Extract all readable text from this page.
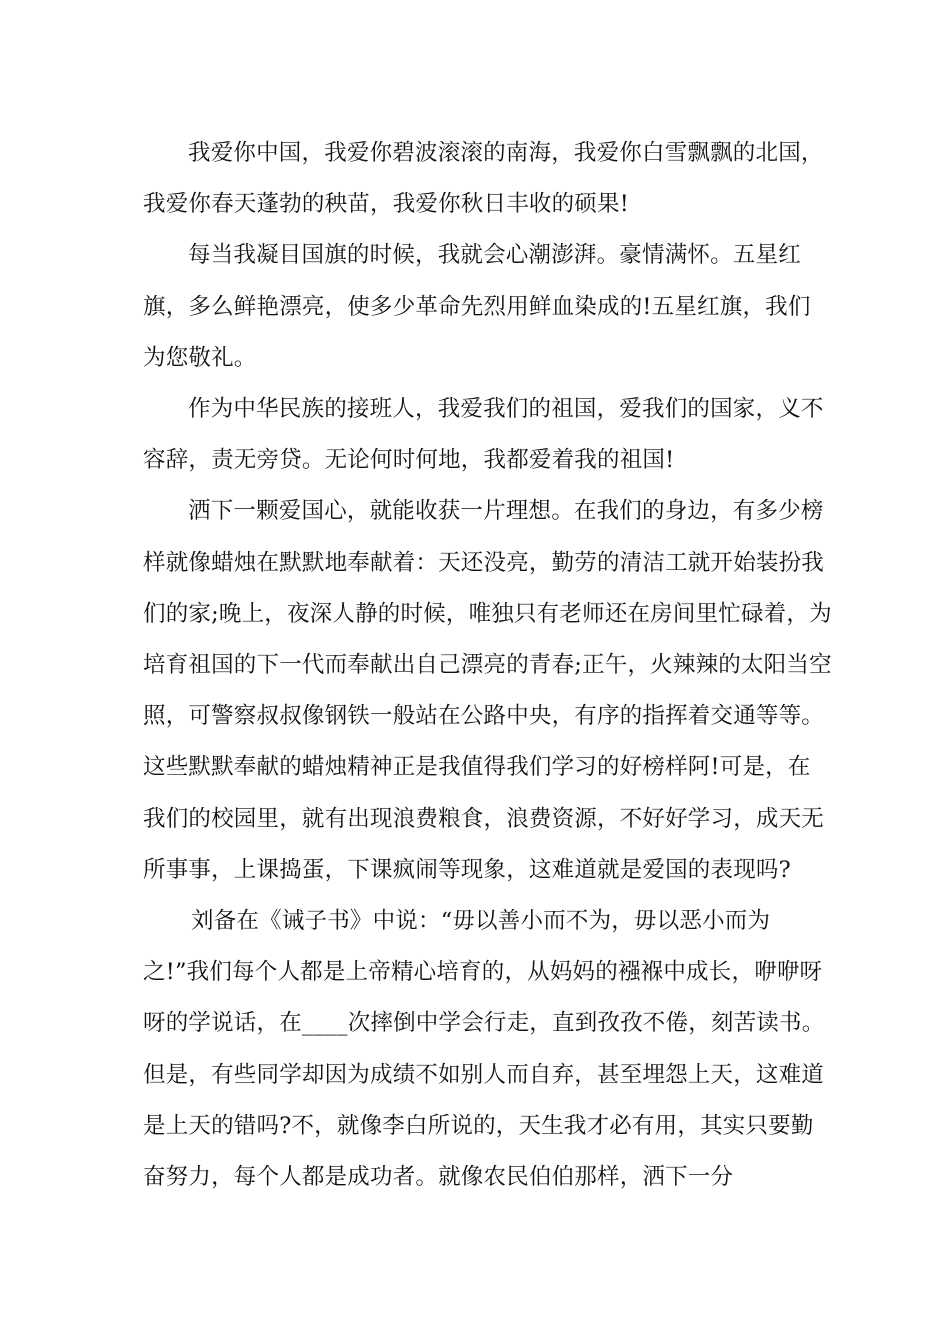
我爱你中国，我爱你碧波滚滚的南海，我爱你白雪飘飘的北国，我爱你春天蓬勃的秧苗，我爱你秋日丰收的硕果!

每当我凝目国旗的时候，我就会心潮澎湃。豪情满怀。五星红旗，多么鲜艳漂亮，使多少革命先烈用鲜血染成的!五星红旗，我们为您敬礼。

作为中华民族的接班人，我爱我们的祖国，爱我们的国家，义不容辞，责无旁贷。无论何时何地，我都爱着我的祖国!

洒下一颗爱国心，就能收获一片理想。在我们的身边，有多少榜样就像蜡烛在默默地奉献着：天还没亮，勤劳的清洁工就开始装扮我们的家;晚上，夜深人静的时候，唯独只有老师还在房间里忙碌着，为培育祖国的下一代而奉献出自己漂亮的青春;正午，火辣辣的太阳当空照，可警察叔叔像钢铁一般站在公路中央，有序的指挥着交通等等。这些默默奉献的蜡烛精神正是我值得我们学习的好榜样阿!可是，在我们的校园里，就有出现浪费粮食，浪费资源，不好好学习，成天无所事事，上课捣蛋，下课疯闹等现象，这难道就是爱国的表现吗?

刘备在《诫子书》中说：“毋以善小而不为，毋以恶小而为之!”我们每个人都是上帝精心培育的，从妈妈的襁褓中成长，咿咿呀呀的学说话，在____次摔倒中学会行走，直到孜孜不倦，刻苦读书。但是，有些同学却因为成绩不如别人而自弃，甚至埋怨上天，这难道是上天的错吗?不，就像李白所说的，天生我才必有用，其实只要勤奋努力，每个人都是成功者。就像农民伯伯那样，洒下一分
